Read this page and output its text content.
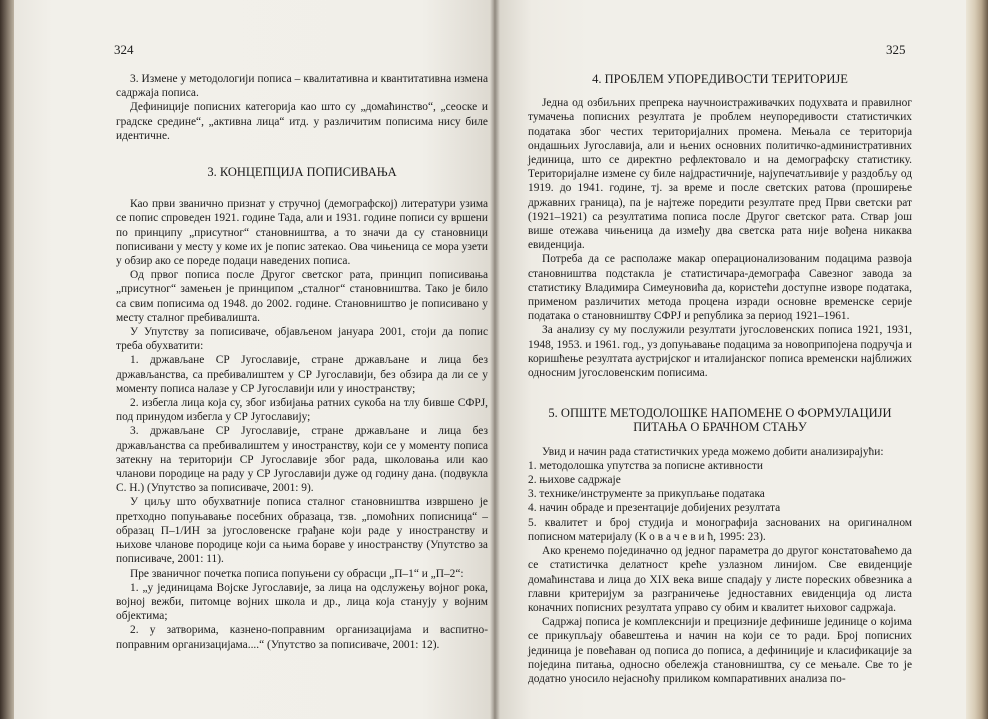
324

3. Измене у методологији пописа – квалитативна и квантитативна измена садржаја пописа.

Дефиниције пописних категорија као што су „домаћинство“, „сеоске и градске средине“, „активна лица“ итд. у различитим пописима нису биле идентичне.

3. КОНЦЕПЦИЈА ПОПИСИВАЊА

Као први званично признат у стручној (демографској) литератури узима се попис спроведен 1921. године Тада, али и 1931. године пописи су вршени по принципу „присутног“ становништва, а то значи да су становници пописивани у месту у коме их је попис затекао. Ова чињеница се мора узети у обзир ако се пореде подаци наведених пописа.

Од првог пописа после Другог светског рата, принцип пописивања „присутног“ замењен је принципом „сталног“ становништва. Тако је било са свим пописима од 1948. до 2002. године. Становништво је пописивано у месту сталног пребивалишта.

У Упутству за пописиваче, објављеном јануара 2001, стоји да попис треба обухватити:

1. држављане СР Југославије, стране држављане и лица без држављанства, са пребивалиштем у СР Југославији, без обзира да ли се у моменту пописа налазе у СР Југославији или у иностранству;

2. избегла лица која су, због избијања ратних сукоба на тлу бивше СФРЈ, под принудом избегла у СР Југославију;

3. држављане СР Југославије, стране држављане и лица без држављанства са пребивалиштем у иностранству, који се у моменту пописа затекну на територији СР Југославије због рада, школовања или као чланови породице на раду у СР Југославији дуже од годину дана. (подвукла С. Н.) (Упутство за пописиваче, 2001: 9).

У циљу што обухватније пописа сталног становништва извршено је претходно попуњавање посебних образаца, тзв. „помоћних пописница“ – образац П–1/ИН за југословенске грађане који раде у иностранству и њихове чланове породице који са њима бораве у иностранству (Упутство за пописиваче, 2001: 11).

Пре званичног почетка пописа попуњени су обрасци „П–1“ и „П–2“:

1. „у јединицама Војске Југославије, за лица на одслужењу војног рока, војној вежби, питомце војних школа и др., лица која станују у војним објектима;

2. у затворима, казнено-поправним организацијама и васпитно-поправним организацијама....“ (Упутство за пописиваче, 2001: 12).

325

4. ПРОБЛЕМ УПОРЕДИВОСТИ ТЕРИТОРИЈЕ

Једна од озбиљних препрека научноистраживачких подухвата и правилног тумачења пописних резултата је проблем неупоредивости статистичких података због честих територијалних промена. Мењала се територија ондашњих Југославија, али и њених основних политичко-административних јединица, што се директно рефлектовало и на демографску статистику. Територијалне измене су биле најдрастичније, најупечатљивије у раздобљу од 1919. до 1941. године, тј. за време и после светских ратова (проширење државних граница), па је најтеже поредити резултате пред Први светски рат (1921–1921) са резултатима пописа после Другог светског рата. Ствар још више отежава чињеница да између два светска рата није вођена никаква евиденција.

Потреба да се располаже макар операционализованим подацима развоја становништва подстакла је статистичара-демографа Савезног завода за статистику Владимира Симеуновића да, користећи доступне изворе података, применом различитих метода процена изради основне временске серије података о становништву СФРЈ и република за период 1921–1961.

За анализу су му послужили резултати југословенских пописа 1921, 1931, 1948, 1953. и 1961. год., уз допуњавање подацима за новоприпојена подручја и коришћење резултата аустријског и италијанског пописа временски најближих односним југословенским пописима.

5. ОПШТЕ МЕТОДОЛОШКЕ НАПОМЕНЕ О ФОРМУЛАЦИЈИ

ПИТАЊА О БРАЧНОМ СТАЊУ

Увид и начин рада статистичких уреда можемо добити анализирајући:

1. методолошка упутства за пописне активности

2. њихове садржаје

3. технике/инструменте за прикупљање података

4. начин обраде и презентације добијених резултата

5. квалитет и број студија и монографија заснованих на оригиналном пописном материјалу (К о в а ч е в и ћ, 1995: 23).

Ако кренемо појединачно од једног параметра до другог констатоваћемо да се статистичка делатност креће узлазном линијом. Све евиденције домаћинстава и лица до XIX века више спадају у листе пореских обвезника а главни критеријум за разграничење једноставних евиденција од листа коначних пописних резултата управо су обим и квалитет њиховог садржаја.

Садржај пописа је комплекснији и прецизније дефинише јединице о којима се прикупљају обавештења и начин на који се то ради. Број пописних јединица је повећаван од пописа до пописа, а дефиниције и класификације за поједина питања, односно обележја становништва, су се мењале. Све то је додатно уносило нејасноћу приликом компаративних анализа по-
